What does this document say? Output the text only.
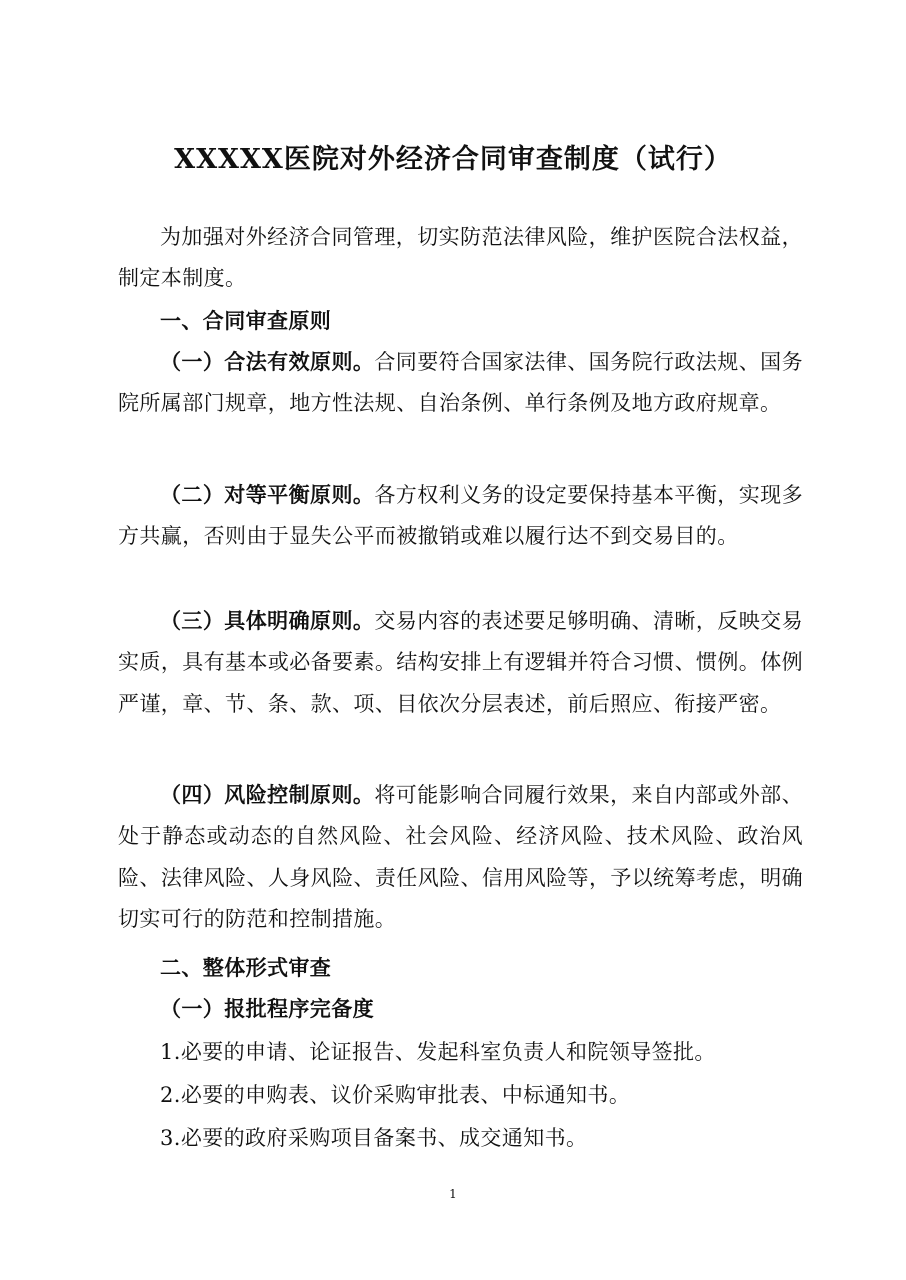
XXXXX医院对外经济合同审查制度（试行）

为加强对外经济合同管理，切实防范法律风险，维护医院合法权益，制定本制度。

一、合同审查原则

（一）合法有效原则。合同要符合国家法律、国务院行政法规、国务院所属部门规章，地方性法规、自治条例、单行条例及地方政府规章。

（二）对等平衡原则。各方权利义务的设定要保持基本平衡，实现多方共赢，否则由于显失公平而被撤销或难以履行达不到交易目的。

（三）具体明确原则。交易内容的表述要足够明确、清晰，反映交易实质，具有基本或必备要素。结构安排上有逻辑并符合习惯、惯例。体例严谨，章、节、条、款、项、目依次分层表述，前后照应、衔接严密。

（四）风险控制原则。将可能影响合同履行效果，来自内部或外部、处于静态或动态的自然风险、社会风险、经济风险、技术风险、政治风险、法律风险、人身风险、责任风险、信用风险等，予以统筹考虑，明确切实可行的防范和控制措施。

二、整体形式审查

（一）报批程序完备度

1.必要的申请、论证报告、发起科室负责人和院领导签批。

2.必要的申购表、议价采购审批表、中标通知书。

3.必要的政府采购项目备案书、成交通知书。

1
